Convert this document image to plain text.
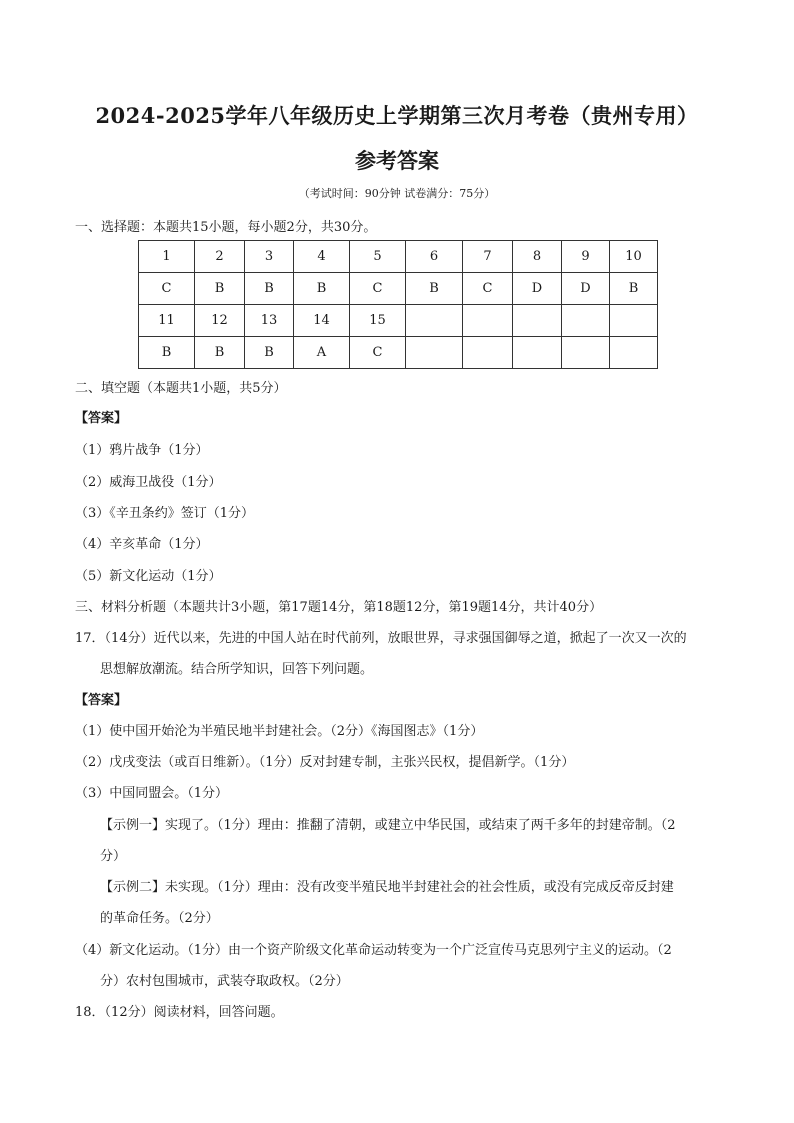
2024-2025学年八年级历史上学期第三次月考卷（贵州专用）
参考答案
（考试时间：90分钟 试卷满分：75分）
一、选择题：本题共15小题，每小题2分，共30分。
1	2	3	4	5	6	7	8	9	10
C	B	B	B	C	B	C	D	D	B
11	12	13	14	15					
B	B	B	A	C					
二、填空题（本题共1小题，共5分）
【答案】
（1）鸦片战争（1分）
（2）威海卫战役（1分）
（3）《辛丑条约》签订（1分）
（4）辛亥革命（1分）
（5）新文化运动（1分）
三、材料分析题（本题共计3小题，第17题14分，第18题12分，第19题14分，共计40分）
17．（14分）近代以来，先进的中国人站在时代前列，放眼世界，寻求强国御辱之道，掀起了一次又一次的
思想解放潮流。结合所学知识，回答下列问题。
【答案】
（1）使中国开始沦为半殖民地半封建社会。（2分）《海国图志》（1分）
（2）戊戌变法（或百日维新）。（1分）反对封建专制，主张兴民权，提倡新学。（1分）
（3）中国同盟会。（1分）
【示例一】实现了。（1分）理由：推翻了清朝，或建立中华民国，或结束了两千多年的封建帝制。（2
分）
【示例二】未实现。（1分）理由：没有改变半殖民地半封建社会的社会性质，或没有完成反帝反封建
的革命任务。（2分）
（4）新文化运动。（1分）由一个资产阶级文化革命运动转变为一个广泛宣传马克思列宁主义的运动。（2
分）农村包围城市，武装夺取政权。（2分）
18．（12分）阅读材料，回答问题。
